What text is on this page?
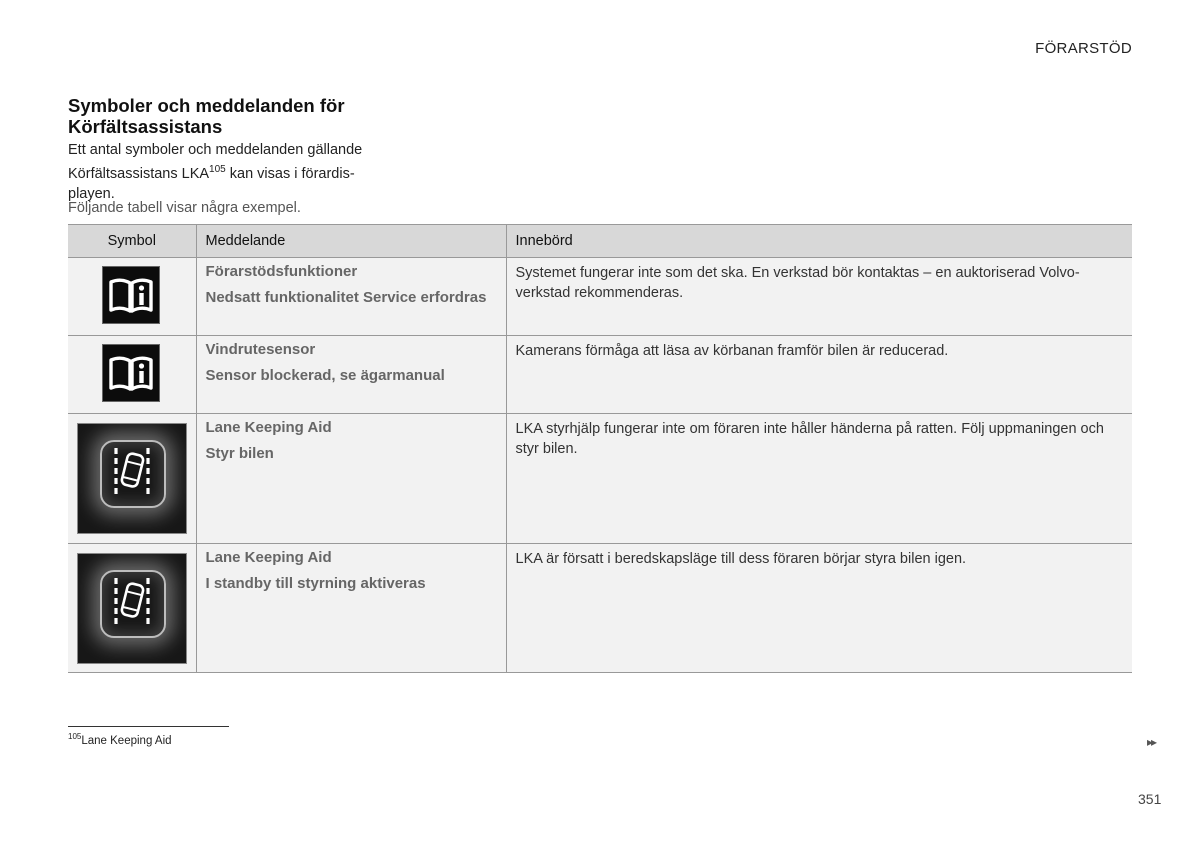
FÖRARSTÖD
Symboler och meddelanden för Körfältsassistans

Ett antal symboler och meddelanden gällande Körfältsassistans LKA$^{105}$ kan visas i förardis-playen.

Följande tabell visar några exempel.
Symbol	Meddelande	Innebörd

Förarstödsfunktioner
Nedsatt funktionalitet Service erfordras	Systemet fungerar inte som det ska. En verkstad bör kontaktas – en auktoriserad Volvo-verkstad rekommenderas.

Vindrutesensor
Sensor blockerad, se ägarmanual	Kamerans förmåga att läsa av körbanan framför bilen är reducerad.

Lane Keeping Aid
Styr bilen	LKA styrhjälp fungerar inte om föraren inte håller händerna på ratten. Följ uppmaningen och styr bilen.

Lane Keeping Aid
I standby till styrning aktiveras	LKA är försatt i beredskapsläge till dess föraren börjar styra bilen igen.
$^{105}$Lane Keeping Aid	▸▸
351
